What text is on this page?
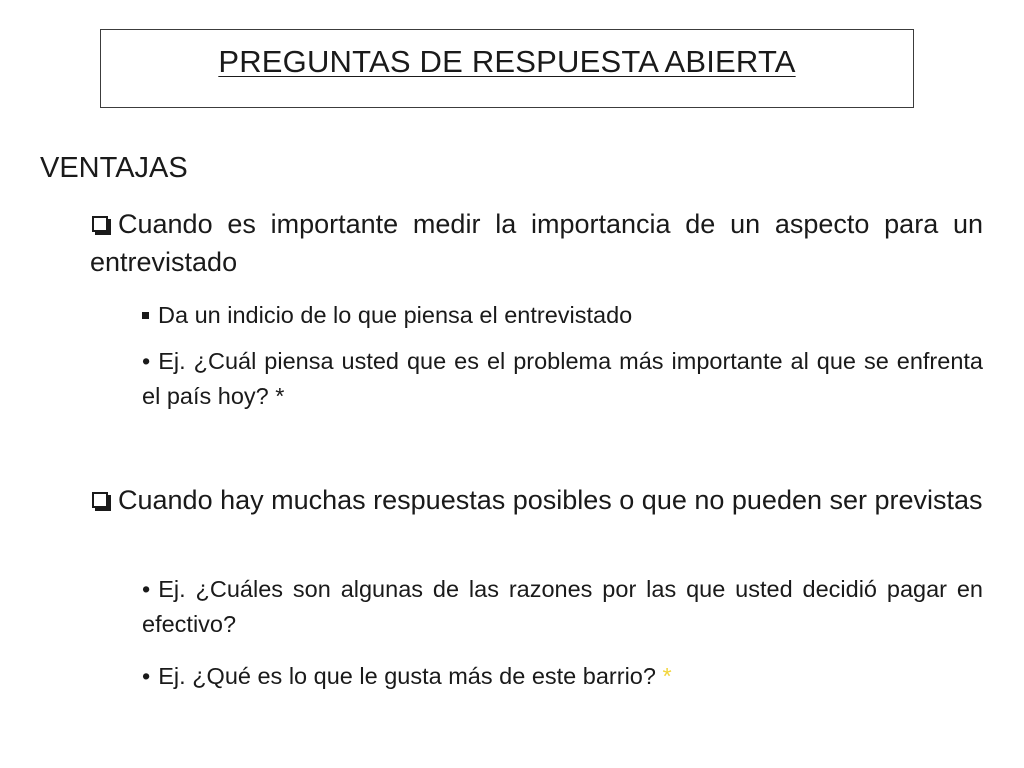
PREGUNTAS DE RESPUESTA ABIERTA
VENTAJAS
Cuando es importante medir la importancia de un aspecto para un entrevistado
Da un indicio de lo que piensa el entrevistado
• Ej. ¿Cuál piensa usted que es el problema más importante al que se enfrenta el país hoy? *
Cuando hay muchas respuestas posibles o que no pueden ser previstas
• Ej. ¿Cuáles son algunas de las razones por las que usted decidió pagar en efectivo?
• Ej. ¿Qué es lo que le gusta más de este barrio? *
